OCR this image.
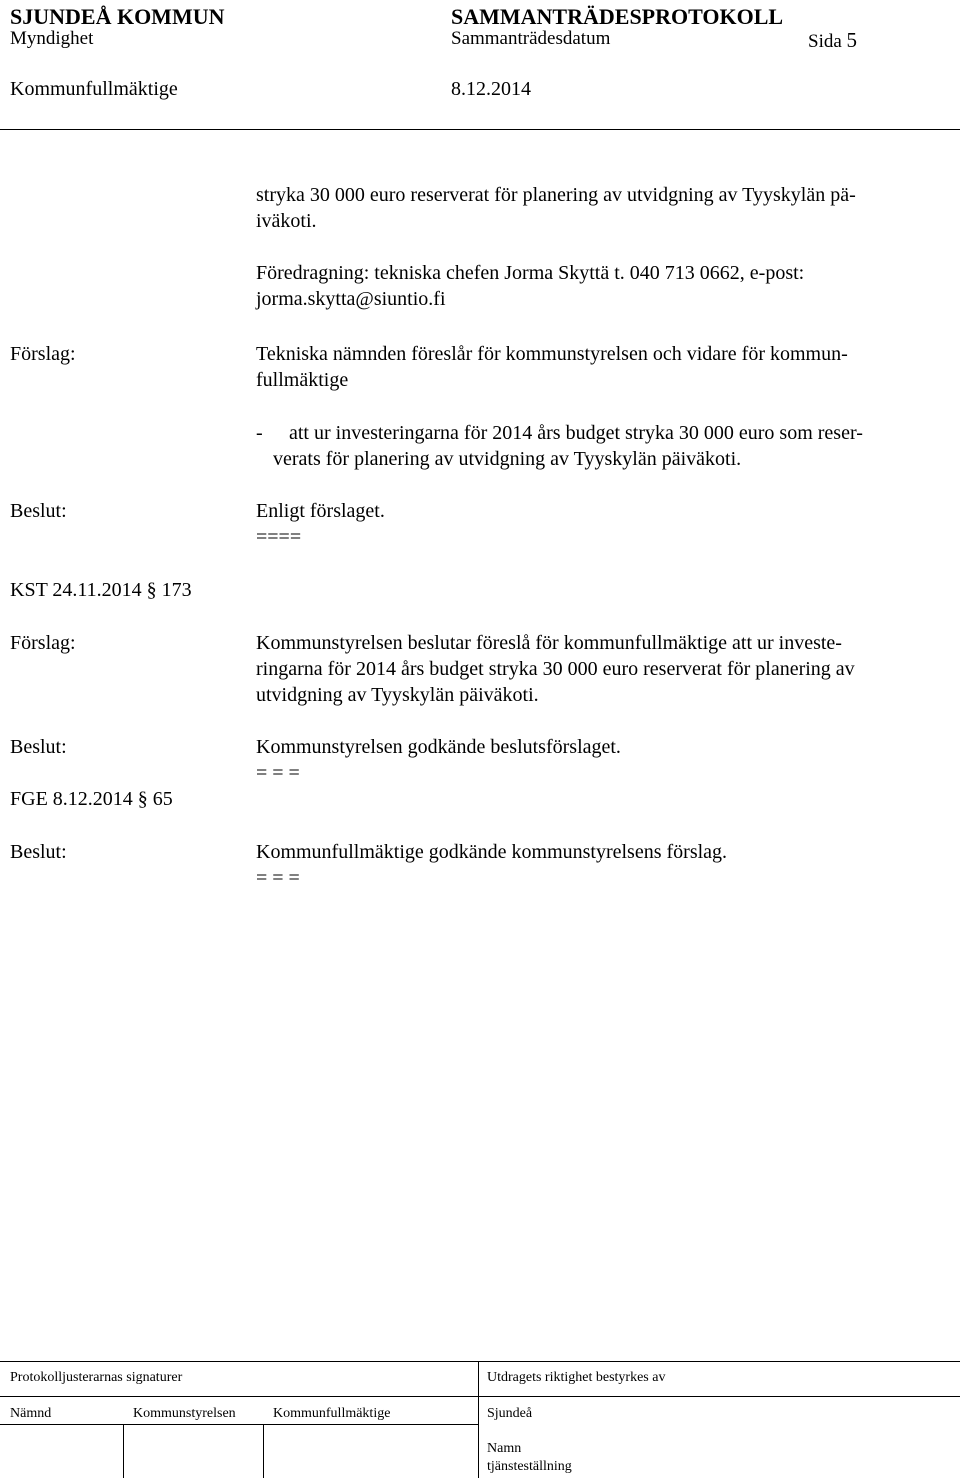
SJUNDEÅ KOMMUN	SAMMANTRÄDESPROTOKOLL
Myndighet	Sammanträdesdatum	Sida 5
Kommunfullmäktige	8.12.2014
stryka 30 000 euro reserverat för planering av utvidgning av Tyyskylän pä-
iväkoti.
Föredragning: tekniska chefen Jorma Skyttä t. 040 713 0662, e-post:
jorma.skytta@siuntio.fi
Förslag:	Tekniska nämnden föreslår för kommunstyrelsen och vidare för kommun-
fullmäktige
- att ur investeringarna för 2014 års budget stryka 30 000 euro som reser-
verats för planering av utvidgning av Tyyskylän päiväkoti.
Beslut:	Enligt förslaget.
====
KST 24.11.2014 § 173
Förslag:	Kommunstyrelsen beslutar föreslå för kommunfullmäktige att ur investe-
ringarna för 2014 års budget stryka 30 000 euro reserverat för planering av
utvidgning av Tyyskylän päiväkoti.
Beslut:	Kommunstyrelsen godkände beslutsförslaget.
= = =
FGE 8.12.2014 § 65
Beslut:	Kommunfullmäktige godkände kommunstyrelsens förslag.
= = =
Protokolljusterarnas signaturer	Utdragets riktighet bestyrkes av
Nämnd	Kommunstyrelsen	Kommunfullmäktige	Sjundeå
Namn
tjänsteställning
